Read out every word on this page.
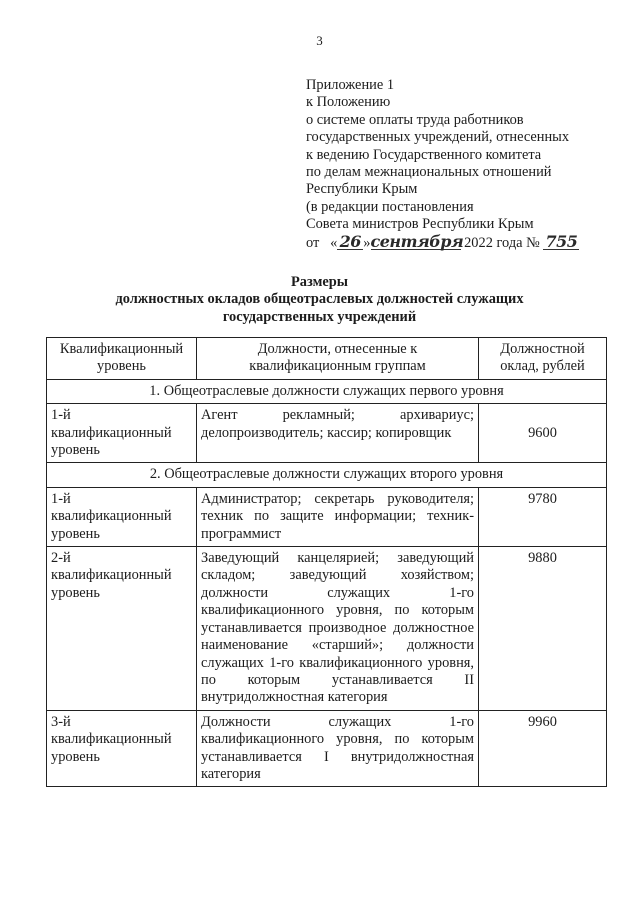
3
Приложение 1
к Положению
о системе оплаты труда работников
государственных учреждений, отнесенных
к ведению Государственного комитета
по делам межнациональных отношений
Республики Крым
(в редакции постановления
Совета министров Республики Крым
от « 26 »сентября 2022 года № 755
Размеры
должностных окладов общеотраслевых должностей служащих
государственных учреждений
Квалификационный уровень	Должности, отнесенные к квалификационным группам	Должностной оклад, рублей
1. Общеотраслевые должности служащих первого уровня		
1-й квалификационный уровень	Агент рекламный; архивариус; делопроизводитель; кассир; копировщик	9600
2. Общеотраслевые должности служащих второго уровня		
1-й квалификационный уровень	Администратор; секретарь руководителя; техник по защите информации; техник-программист	9780
2-й квалификационный уровень	Заведующий канцелярией; заведующий складом; заведующий хозяйством; должности служащих 1-го квалификационного уровня, по которым устанавливается производное должностное наименование «старший»; должности служащих 1-го квалификационного уровня, по которым устанавливается II внутридолжностная категория	9880
3-й квалификационный уровень	Должности служащих 1-го квалификационного уровня, по которым устанавливается I внутридолжностная категория	9960
